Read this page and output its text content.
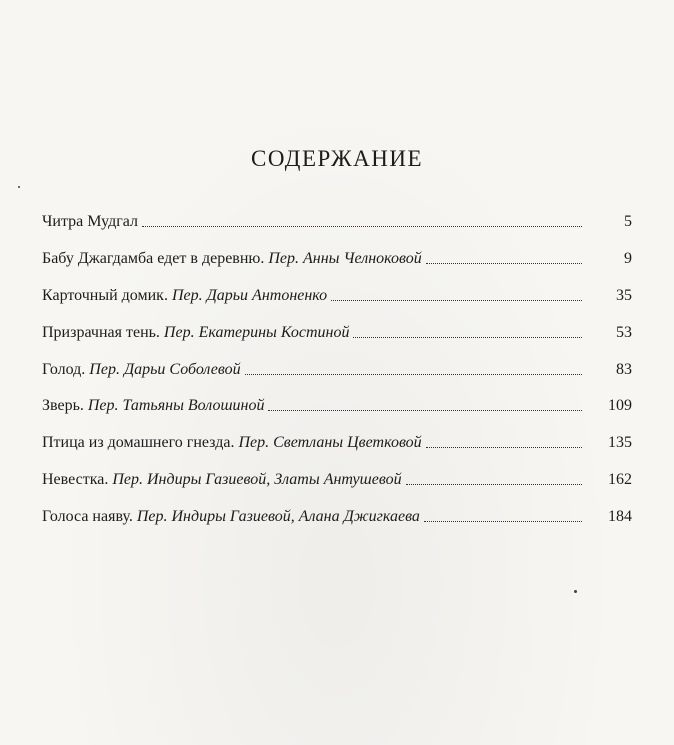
СОДЕРЖАНИЕ
Читра Мудгал	5
Бабу Джагдамба едет в деревню. Пер. Анны Челноковой	9
Карточный домик. Пер. Дарьи Антоненко	35
Призрачная тень. Пер. Екатерины Костиной	53
Голод. Пер. Дарьи Соболевой	83
Зверь. Пер. Татьяны Волошиной	109
Птица из домашнего гнезда. Пер. Светланы Цветковой	135
Невестка. Пер. Индиры Газиевой, Златы Антушевой	162
Голоса наяву. Пер. Индиры Газиевой, Алана Джигкаева	184
